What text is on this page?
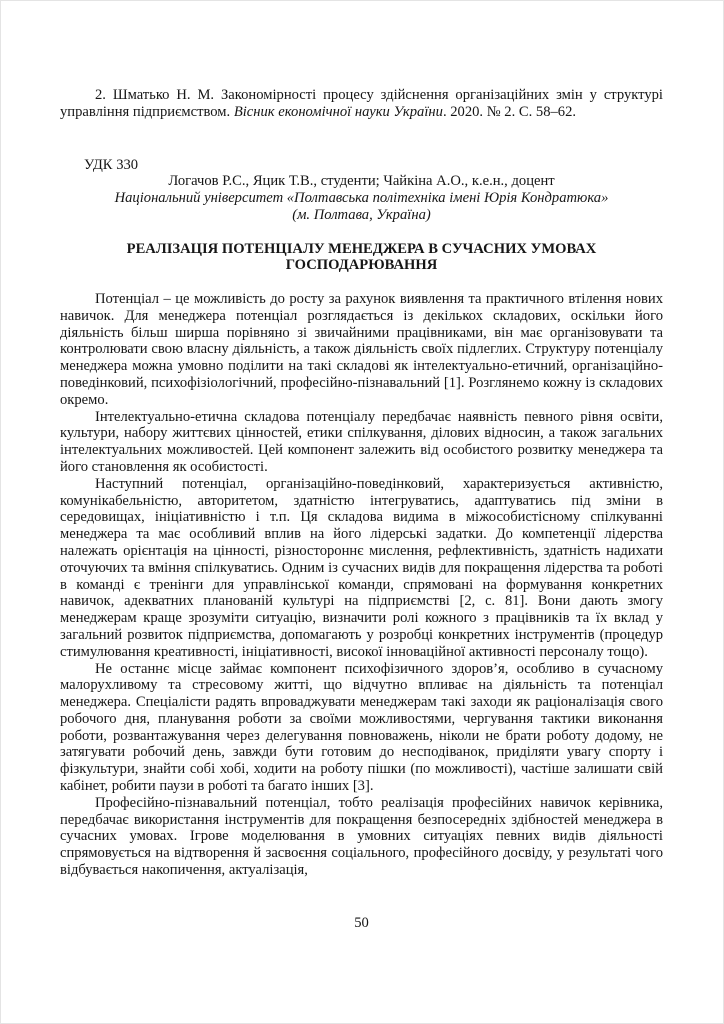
2. Шматько Н. М. Закономірності процесу здійснення організаційних змін у структурі управління підприємством. Вісник економічної науки України. 2020. № 2. С. 58–62.

УДК 330

Логачов Р.С., Яцик Т.В., студенти; Чайкіна А.О., к.е.н., доцент

Національний університет «Полтавська політехніка імені Юрія Кондратюка»

(м. Полтава, Україна)

РЕАЛІЗАЦІЯ ПОТЕНЦІАЛУ МЕНЕДЖЕРА В СУЧАСНИХ УМОВАХ ГОСПОДАРЮВАННЯ

Потенціал – це можливість до росту за рахунок виявлення та практичного втілення нових навичок. Для менеджера потенціал розглядається із декількох складових, оскільки його діяльність більш ширша порівняно зі звичайними працівниками, він має організовувати та контролювати свою власну діяльність, а також діяльність своїх підлеглих. Структуру потенціалу менеджера можна умовно поділити на такі складові як інтелектуально-етичний, організаційно-поведінковий, психофізіологічний, професійно-пізнавальний [1]. Розглянемо кожну із складових окремо.

Інтелектуально-етична складова потенціалу передбачає наявність певного рівня освіти, культури, набору життєвих цінностей, етики спілкування, ділових відносин, а також загальних інтелектуальних можливостей. Цей компонент залежить від особистого розвитку менеджера та його становлення як особистості.

Наступний потенціал, організаційно-поведінковий, характеризується активністю, комунікабельністю, авторитетом, здатністю інтегруватись, адаптуватись під зміни в середовищах, ініціативністю і т.п. Ця складова видима в міжособистісному спілкуванні менеджера та має особливий вплив на його лідерські задатки. До компетенції лідерства належать орієнтація на цінності, різностороннє мислення, рефлективність, здатність надихати оточуючих та вміння спілкуватись. Одним із сучасних видів для покращення лідерства та роботі в команді є тренінги для управлінської команди, спрямовані на формування конкретних навичок, адекватних планованій культурі на підприємстві [2, с. 81]. Вони дають змогу менеджерам краще зрозуміти ситуацію, визначити ролі кожного з працівників та їх вклад у загальний розвиток підприємства, допомагають у розробці конкретних інструментів (процедур стимулювання креативності, ініціативності, високої інноваційної активності персоналу тощо).

Не останнє місце займає компонент психофізичного здоров’я, особливо в сучасному малорухливому та стресовому житті, що відчутно впливає на діяльність та потенціал менеджера. Спеціалісти радять впроваджувати менеджерам такі заходи як раціоналізація свого робочого дня, планування роботи за своїми можливостями, чергування тактики виконання роботи, розвантажування через делегування повноважень, ніколи не брати роботу додому, не затягувати робочий день, завжди бути готовим до несподіванок, приділяти увагу спорту і фізкультури, знайти собі хобі, ходити на роботу пішки (по можливості), частіше залишати свій кабінет, робити паузи в роботі та багато інших [3].

Професійно-пізнавальний потенціал, тобто реалізація професійних навичок керівника, передбачає використання інструментів для покращення безпосередніх здібностей менеджера в сучасних умовах. Ігрове моделювання в умовних ситуаціях певних видів діяльності спрямовується на відтворення й засвоєння соціального, професійного досвіду, у результаті чого відбувається накопичення, актуалізація,

50
